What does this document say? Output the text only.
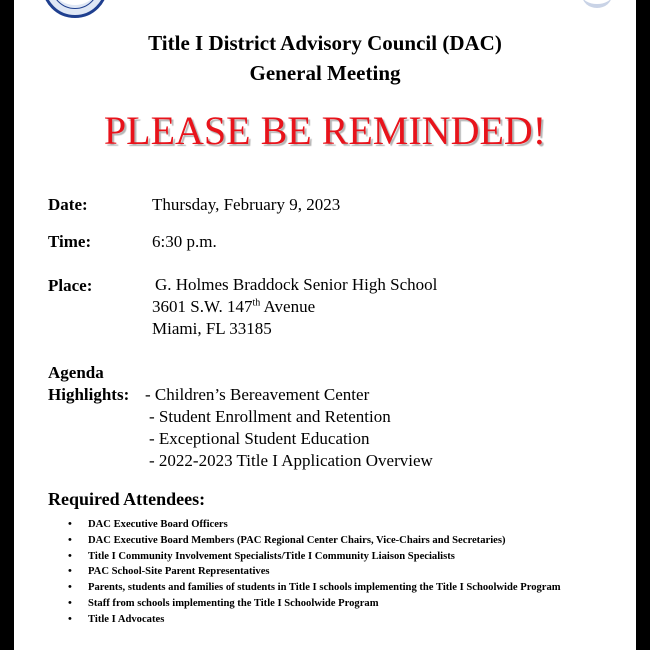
Title I District Advisory Council (DAC)
General Meeting
PLEASE BE REMINDED!
Date:	Thursday, February 9, 2023
Time:	6:30 p.m.
Place:	G. Holmes Braddock Senior High School
3601 S.W. 147th Avenue
Miami, FL 33185
Agenda
Highlights: - Children’s Bereavement Center
- Student Enrollment and Retention
- Exceptional Student Education
- 2022-2023 Title I Application Overview
Required Attendees:
• DAC Executive Board Officers
• DAC Executive Board Members (PAC Regional Center Chairs, Vice-Chairs and Secretaries)
• Title I Community Involvement Specialists/Title I Community Liaison Specialists
• PAC School-Site Parent Representatives
• Parents, students and families of students in Title I schools implementing the Title I Schoolwide Program
• Staff from schools implementing the Title I Schoolwide Program
• Title I Advocates
